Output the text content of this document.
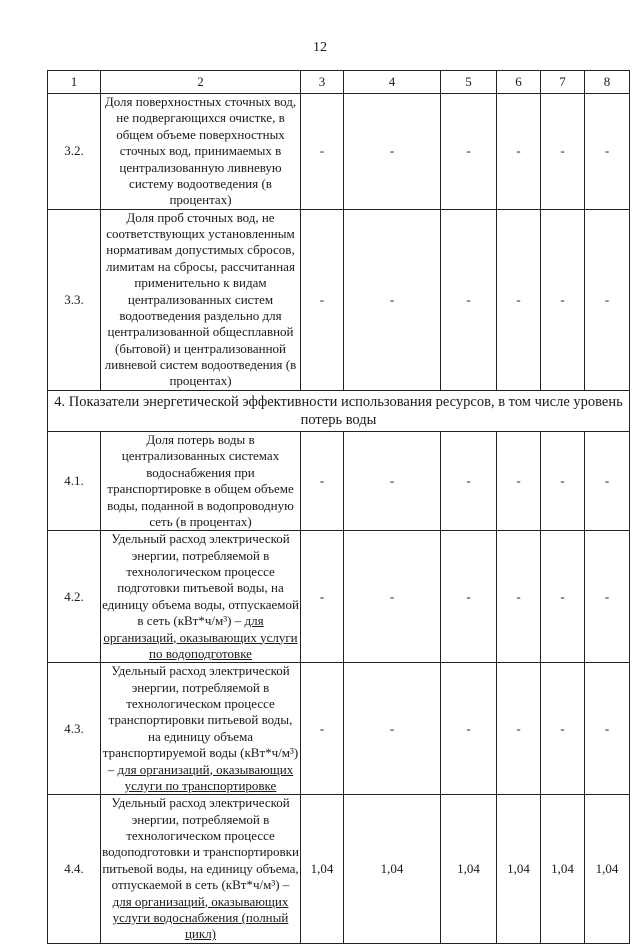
12
1	2	3	4	5	6	7	8
3.2.	Доля поверхностных сточных вод, не подвергающихся очистке, в общем объеме поверхностных сточных вод, принимаемых в централизованную ливневую систему водоотведения (в процентах)	-	-	-	-	-	-
3.3.	Доля проб сточных вод, не соответствующих установленным нормативам допустимых сбросов, лимитам на сбросы, рассчитанная применительно к видам централизованных систем водоотведения раздельно для централизованной общесплавной (бытовой) и централизованной ливневой систем водоотведения (в процентах)	-	-	-	-	-	-
4. Показатели энергетической эффективности использования ресурсов, в том числе уровень потерь воды							
4.1.	Доля потерь воды в централизованных системах водоснабжения при транспортировке в общем объеме воды, поданной в водопроводную сеть (в процентах)	-	-	-	-	-	-
4.2.	Удельный расход электрической энергии, потребляемой в технологическом процессе подготовки питьевой воды, на единицу объема воды, отпускаемой в сеть (кВт*ч/м³) – для организаций, оказывающих услуги по водоподготовке	-	-	-	-	-	-
4.3.	Удельный расход электрической энергии, потребляемой в технологическом процессе транспортировки питьевой воды, на единицу объема транспортируемой воды (кВт*ч/м³) – для организаций, оказывающих услуги по транспортировке	-	-	-	-	-	-
4.4.	Удельный расход электрической энергии, потребляемой в технологическом процессе водоподготовки и транспортировки питьевой воды, на единицу объема, отпускаемой в сеть (кВт*ч/м³) – для организаций, оказывающих услуги водоснабжения (полный цикл)	1,04	1,04	1,04	1,04	1,04	1,04
